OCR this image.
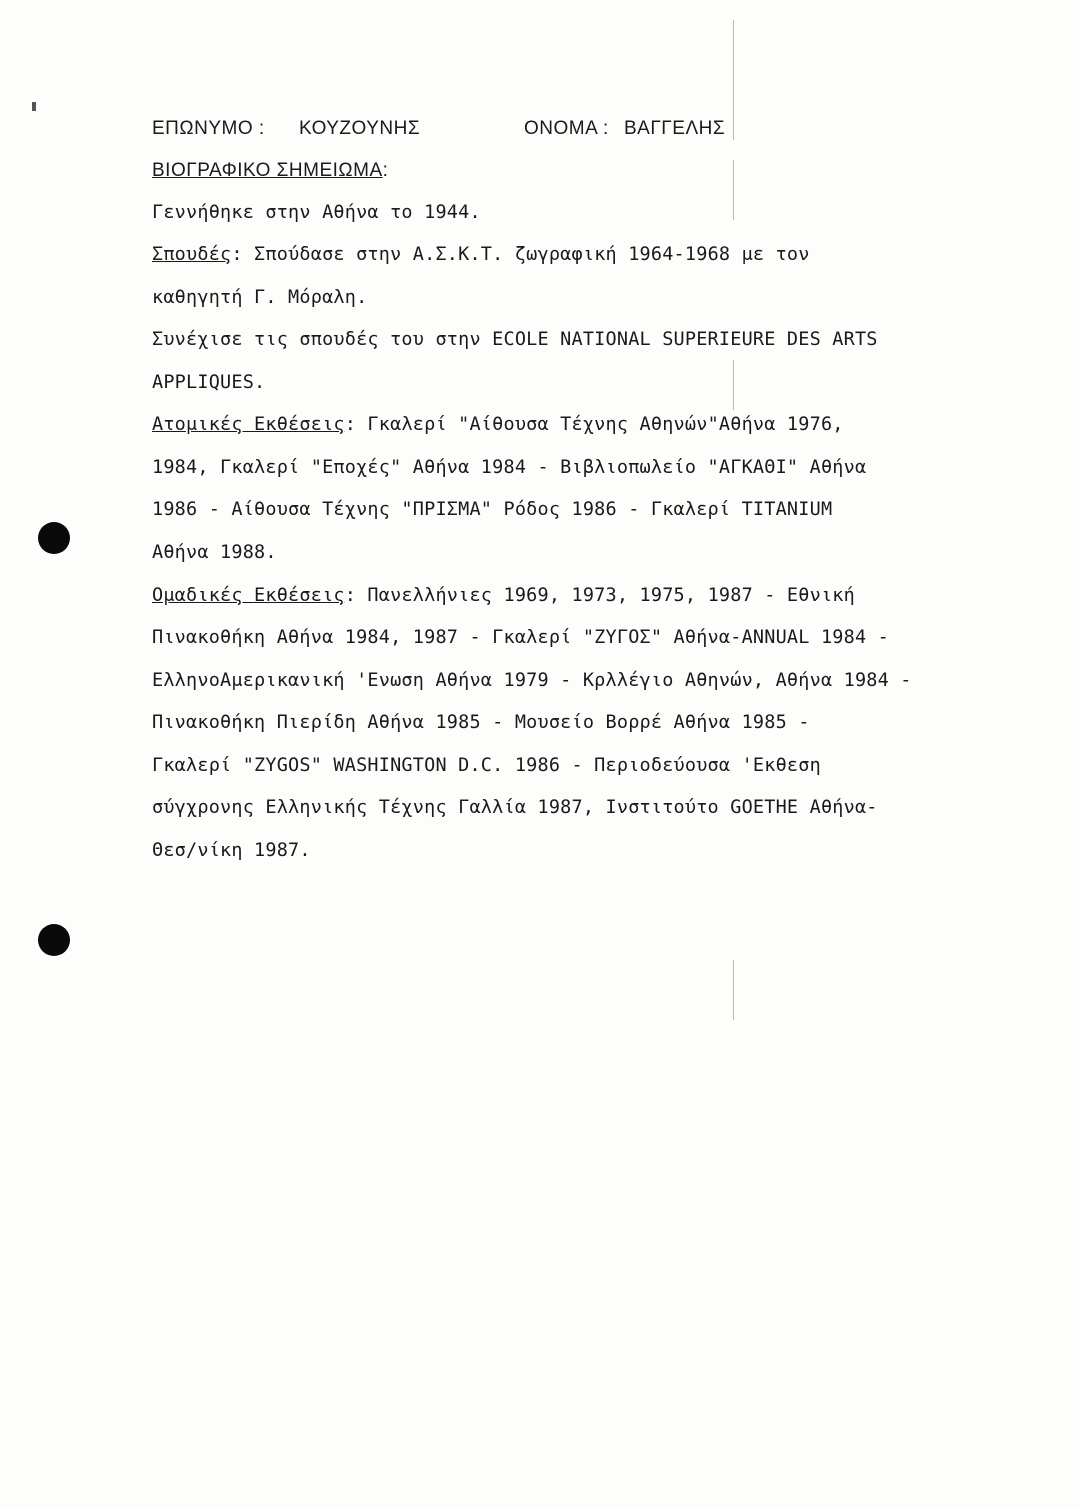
ΕΠΩΝΥΜΟ : ΚΟΥΖΟΥΝΗΣ	ΟΝΟΜΑ : ΒΑΓΓΕΛΗΣ
ΒΙΟΓΡΑΦΙΚΟ ΣΗΜΕΙΩΜΑ:
Γεννήθηκε στην Αθήνα το 1944.
Σπουδές: Σπούδασε στην Α.Σ.Κ.Τ. ζωγραφική 1964-1968 με τον
καθηγητή Γ. Μόραλη.
Συνέχισε τις σπουδές του στην ECOLE NATIONAL SUPERIEURE DES ARTS
APPLIQUES.
Ατομικές Εκθέσεις: Γκαλερί "Αίθουσα Τέχνης Αθηνών"Αθήνα 1976,
1984, Γκαλερί "Εποχές" Αθήνα 1984 - Βιβλιοπωλείο "ΑΓΚΑΘΙ" Αθήνα
1986 - Αίθουσα Τέχνης "ΠΡΙΣΜΑ" Ρόδος 1986 - Γκαλερί TITANIUM
Αθήνα 1988.
Ομαδικές Εκθέσεις: Πανελλήνιες 1969, 1973, 1975, 1987 - Εθνική
Πινακοθήκη Αθήνα 1984, 1987 - Γκαλερί "ΖΥΓΟΣ" Αθήνα-ANNUAL 1984 -
ΕλληνοΑμερικανική 'Ενωση Αθήνα 1979 - Κρλλέγιο Αθηνών, Αθήνα 1984 -
Πινακοθήκη Πιερίδη Αθήνα 1985 - Μουσείο Βορρέ Αθήνα 1985 -
Γκαλερί "ZYGOS" WASHINGTON D.C. 1986 - Περιοδεύουσα 'Εκθεση
σύγχρονης Ελληνικής Τέχνης Γαλλία 1987, Ινστιτούτο GOETHE Αθήνα-
Θεσ/νίκη 1987.
